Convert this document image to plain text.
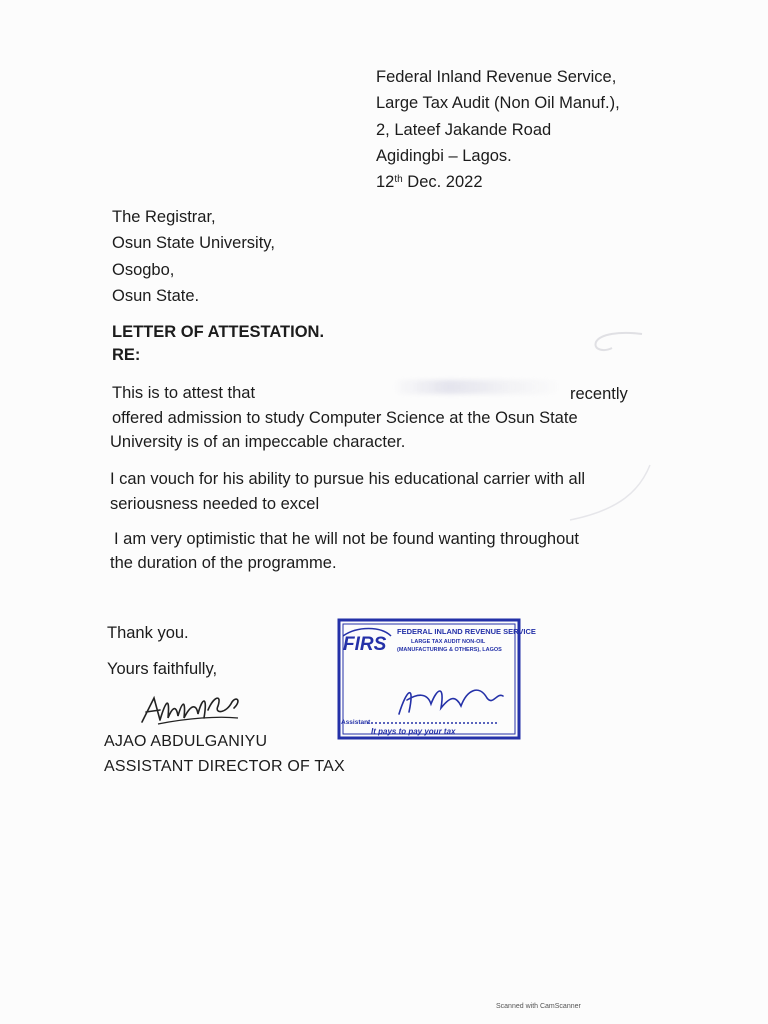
Federal Inland Revenue Service,
Large Tax Audit (Non Oil Manuf.),
2, Lateef Jakande Road
Agidingbi – Lagos.
12th Dec. 2022
The Registrar,
Osun State University,
Osogbo,
Osun State.
LETTER OF ATTESTATION.
RE:
This is to attest that	recently
offered admission to study Computer Science at the Osun State
University is of an impeccable character.
I can vouch for his ability to pursue his educational carrier with all
seriousness needed to excel
I am very optimistic that he will not be found wanting throughout
the duration of the programme.
Thank you.
Yours faithfully,
AJAO ABDULGANIYU
ASSISTANT DIRECTOR OF TAX
FIRS
FEDERAL INLAND REVENUE SERVICE
LARGE TAX AUDIT NON-OIL
(MANUFACTURING & OTHERS), LAGOS
Assistant
It pays to pay your tax
Scanned with CamScanner
